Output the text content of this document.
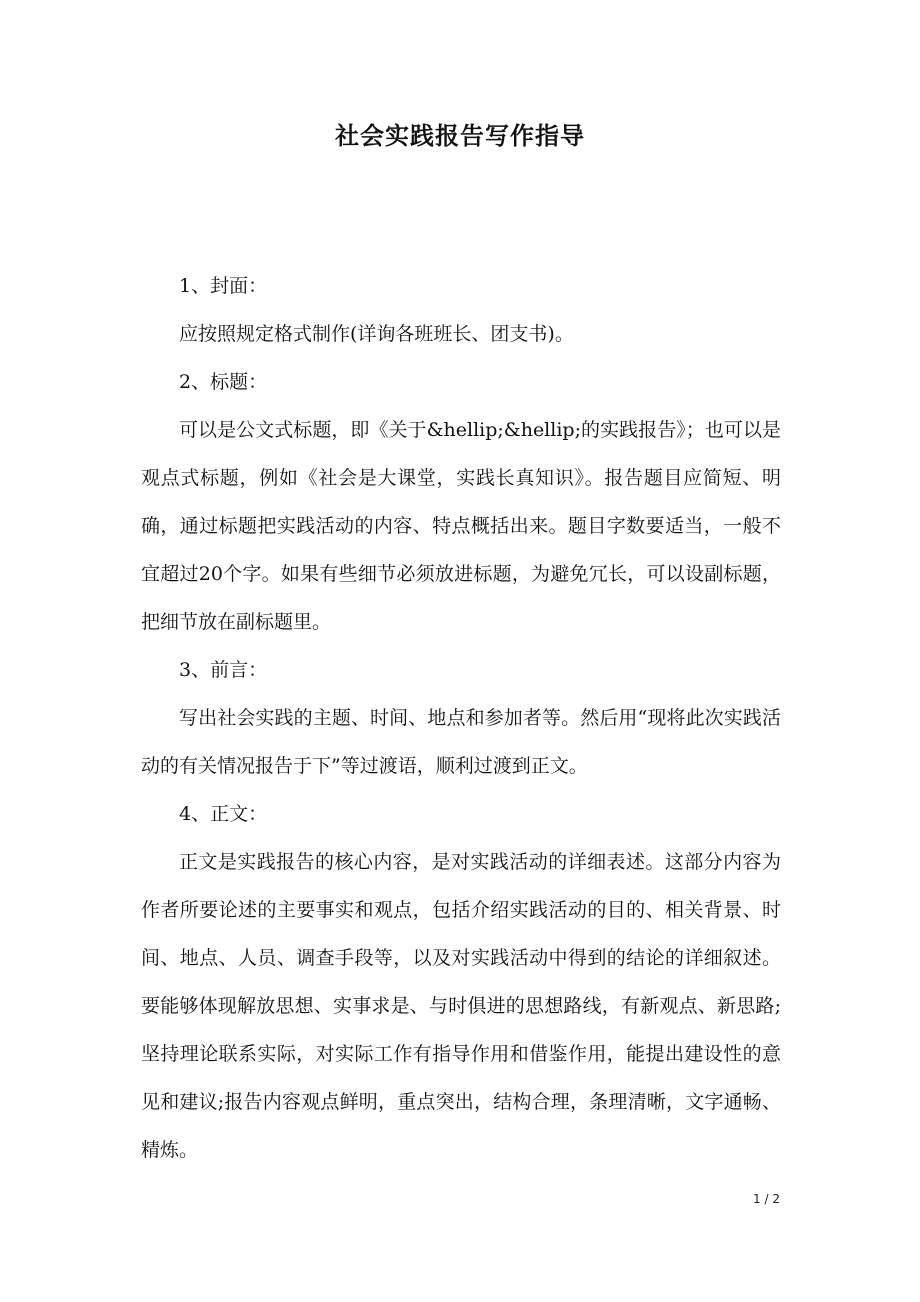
社会实践报告写作指导

1、封面：

应按照规定格式制作(详询各班班长、团支书)。

2、标题：

可以是公文式标题，即《关于&hellip;&hellip;的实践报告》；也可以是观点式标题，例如《社会是大课堂，实践长真知识》。报告题目应简短、明确，通过标题把实践活动的内容、特点概括出来。题目字数要适当，一般不宜超过20个字。如果有些细节必须放进标题，为避免冗长，可以设副标题，把细节放在副标题里。

3、前言：

写出社会实践的主题、时间、地点和参加者等。然后用“现将此次实践活动的有关情况报告于下”等过渡语，顺利过渡到正文。

4、正文：

正文是实践报告的核心内容，是对实践活动的详细表述。这部分内容为作者所要论述的主要事实和观点，包括介绍实践活动的目的、相关背景、时间、地点、人员、调查手段等，以及对实践活动中得到的结论的详细叙述。要能够体现解放思想、实事求是、与时俱进的思想路线，有新观点、新思路;坚持理论联系实际，对实际工作有指导作用和借鉴作用，能提出建设性的意见和建议;报告内容观点鲜明，重点突出，结构合理，条理清晰，文字通畅、精炼。

1 / 2
